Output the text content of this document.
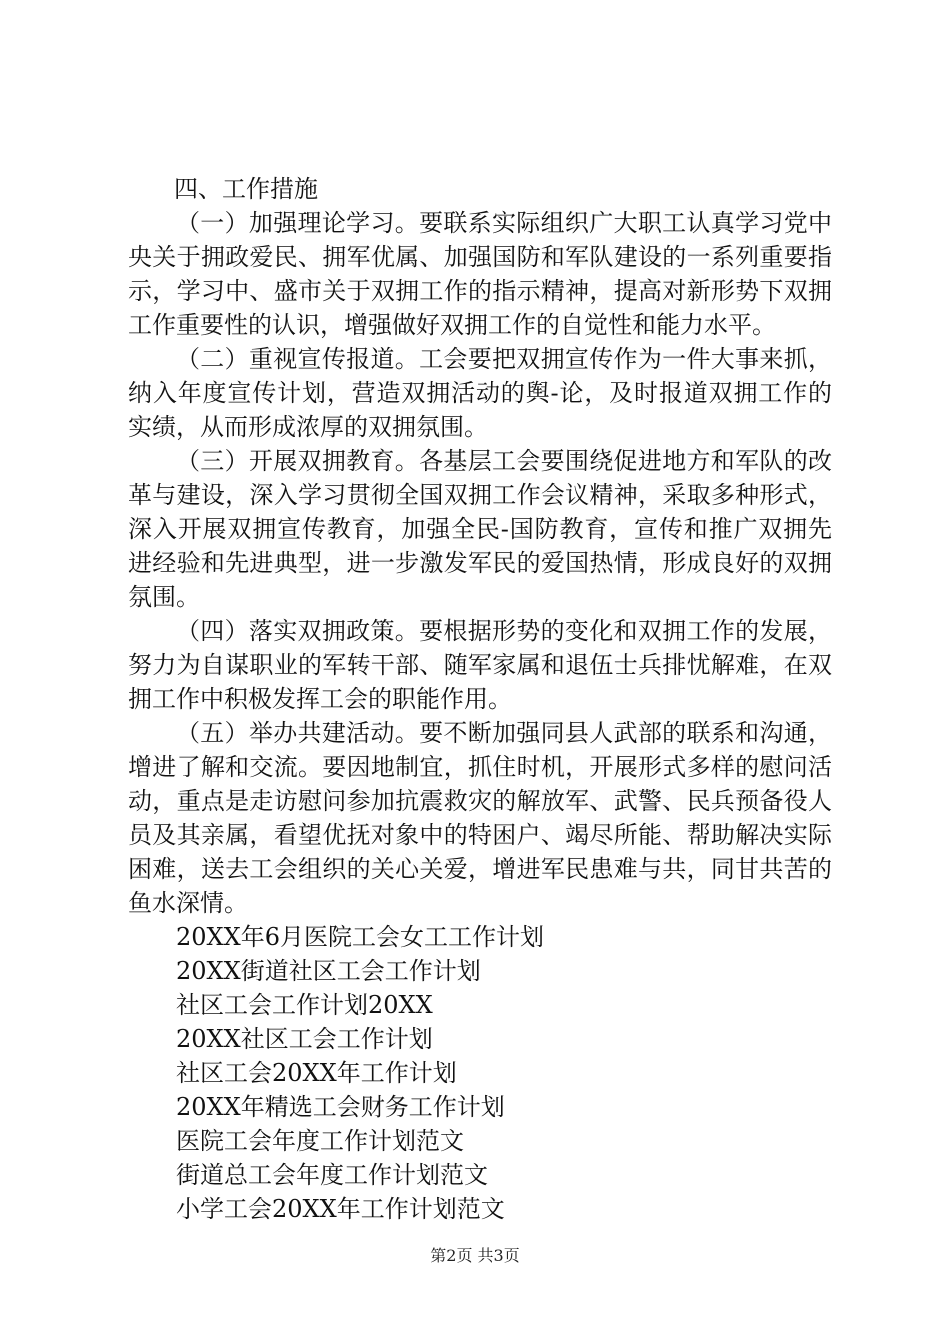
四、工作措施

（一）加强理论学习。要联系实际组织广大职工认真学习党中央关于拥政爱民、拥军优属、加强国防和军队建设的一系列重要指示，学习中、盛市关于双拥工作的指示精神，提高对新形势下双拥工作重要性的认识，增强做好双拥工作的自觉性和能力水平。

（二）重视宣传报道。工会要把双拥宣传作为一件大事来抓，纳入年度宣传计划，营造双拥活动的舆-论，及时报道双拥工作的实绩，从而形成浓厚的双拥氛围。

（三）开展双拥教育。各基层工会要围绕促进地方和军队的改革与建设，深入学习贯彻全国双拥工作会议精神，采取多种形式，深入开展双拥宣传教育，加强全民-国防教育，宣传和推广双拥先进经验和先进典型，进一步激发军民的爱国热情，形成良好的双拥氛围。

（四）落实双拥政策。要根据形势的变化和双拥工作的发展，努力为自谋职业的军转干部、随军家属和退伍士兵排忧解难，在双拥工作中积极发挥工会的职能作用。

（五）举办共建活动。要不断加强同县人武部的联系和沟通，增进了解和交流。要因地制宜，抓住时机，开展形式多样的慰问活动，重点是走访慰问参加抗震救灾的解放军、武警、民兵预备役人员及其亲属，看望优抚对象中的特困户、竭尽所能、帮助解决实际困难，送去工会组织的关心关爱，增进军民患难与共，同甘共苦的鱼水深情。

20XX年6月医院工会女工工作计划
20XX街道社区工会工作计划
社区工会工作计划20XX
20XX社区工会工作计划
社区工会20XX年工作计划
20XX年精选工会财务工作计划
医院工会年度工作计划范文
街道总工会年度工作计划范文
小学工会20XX年工作计划范文
第2页 共3页
